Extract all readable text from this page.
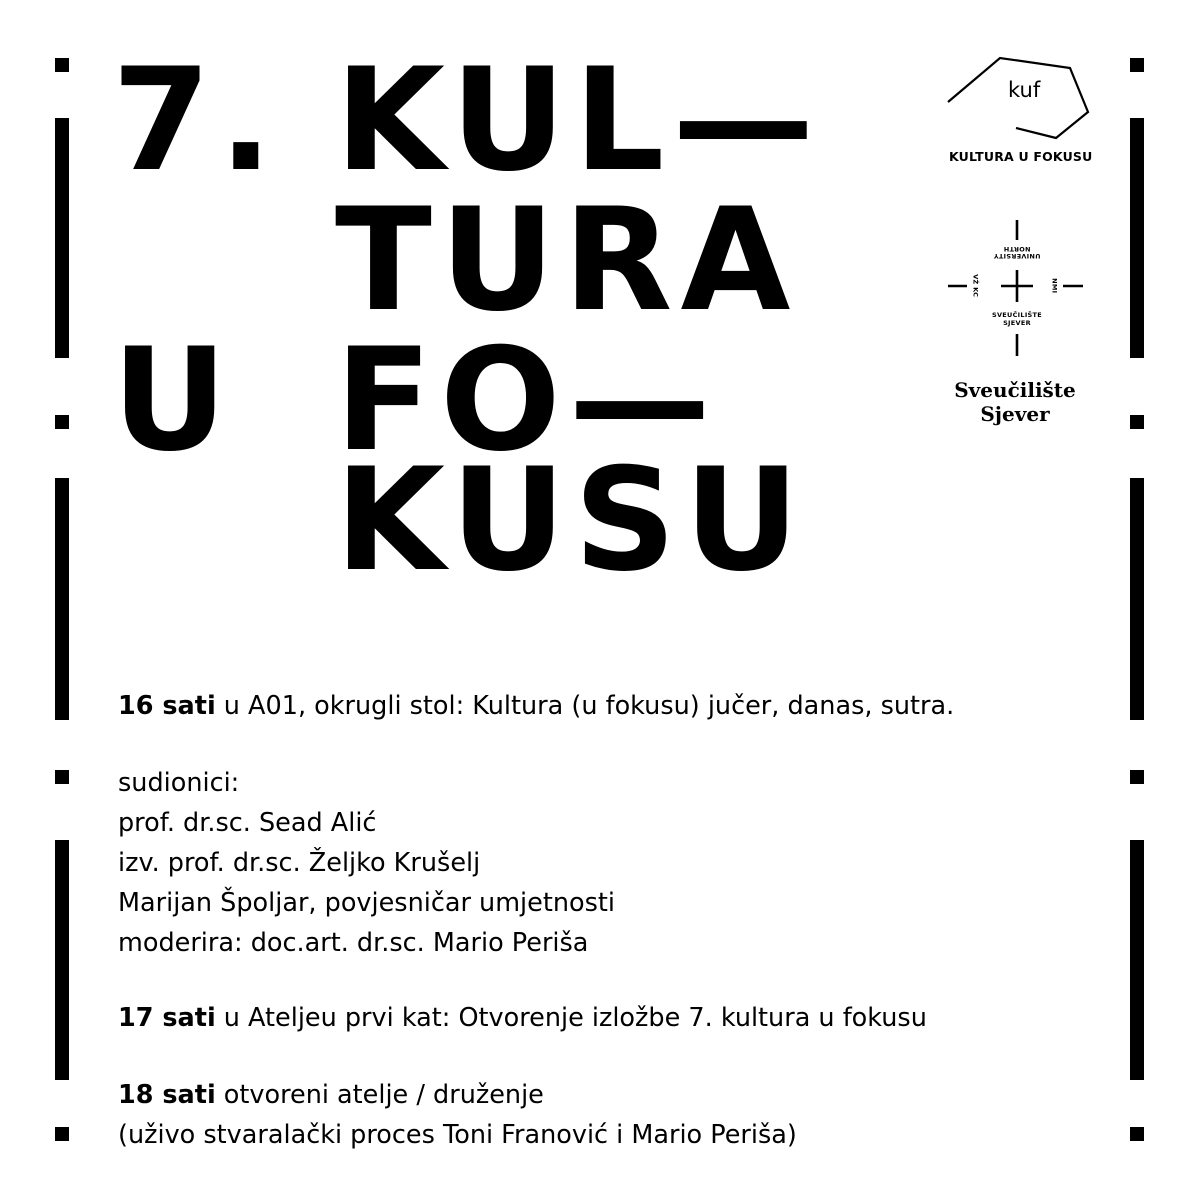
7. KUL—
TURA
U FO—
KUSU
kuf
KULTURA U FOKUSU
UNIVERSITY NORTH
SVEUČILIŠTE
SJEVER
VŽ KC	NMI
Sveučilište
Sjever
16 sati u A01, okrugli stol: Kultura (u fokusu) jučer, danas, sutra.
sudionici:
prof. dr.sc. Sead Alić
izv. prof. dr.sc. Željko Krušelj
Marijan Špoljar, povjesničar umjetnosti
moderira: doc.art. dr.sc. Mario Periša
17 sati u Ateljeu prvi kat: Otvorenje izložbe 7. kultura u fokusu
18 sati otvoreni atelje / druženje
(uživo stvaralački proces Toni Franović i Mario Periša)
